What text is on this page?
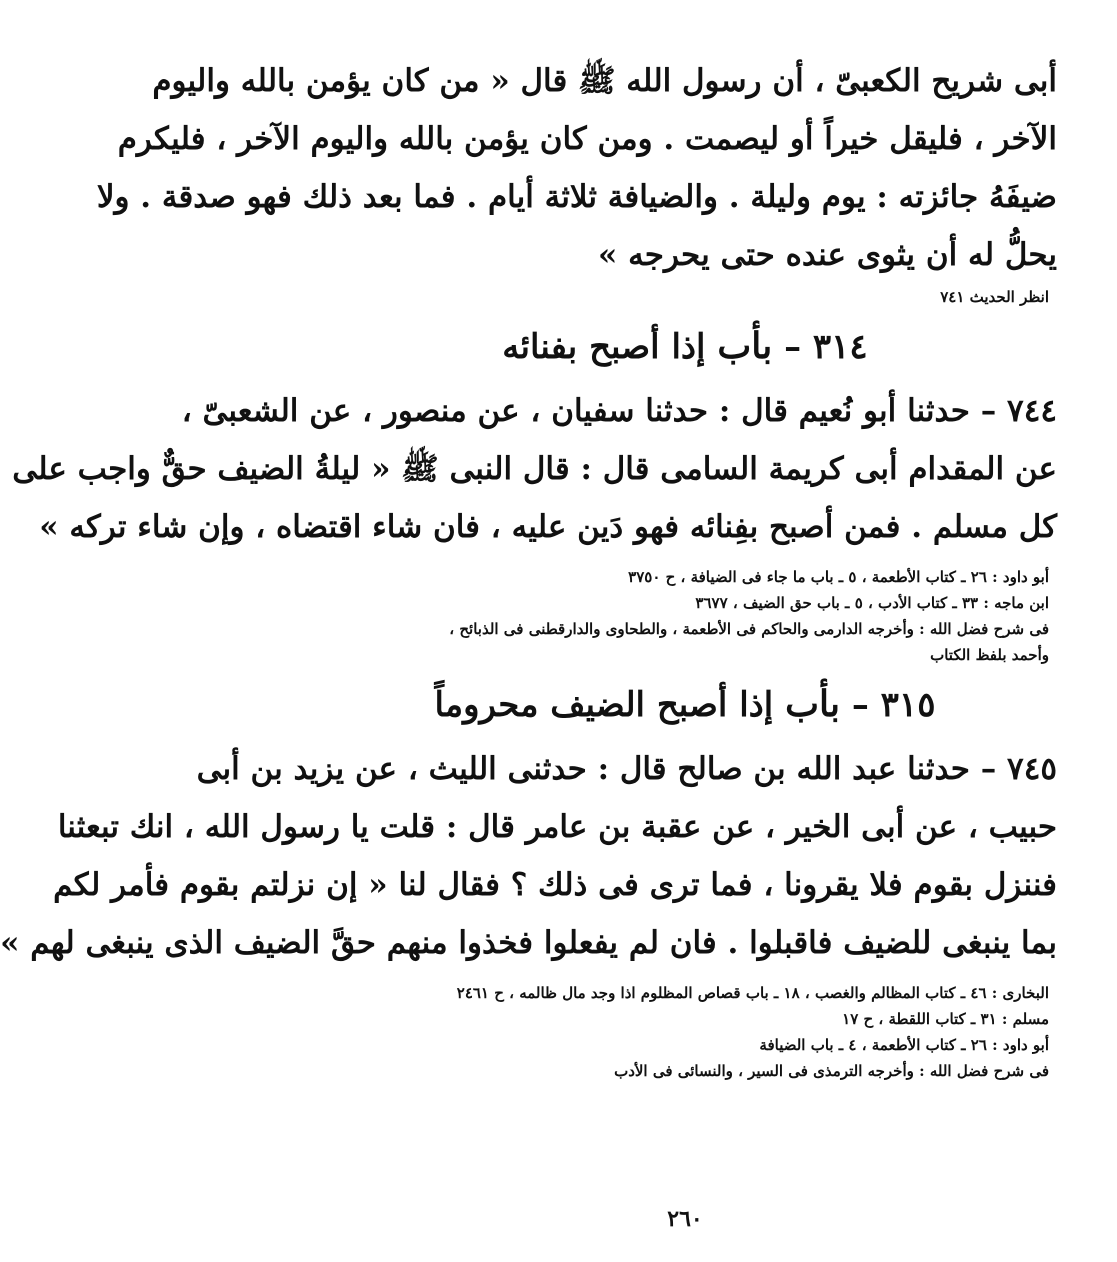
أبى شريح الكعبىّ ، أن رسول الله ﷺ قال « من كان يؤمن بالله واليوم
الآخر ، فليقل خيراً أو ليصمت . ومن كان يؤمن بالله واليوم الآخر ، فليكرم
ضيفَهُ جائزته : يوم وليلة . والضيافة ثلاثة أيام . فما بعد ذلك فهو صدقة . ولا
يحلُّ له أن يثوى عنده حتى يحرجه »
انظر الحديث ٧٤١
٣١٤ – بأب إذا أصبح بفنائه
٧٤٤ – حدثنا أبو نُعيم قال : حدثنا سفيان ، عن منصور ، عن الشعبىّ ،
عن المقدام أبى كريمة السامى قال : قال النبى ﷺ « ليلةُ الضيف حقٌّ واجب على
كل مسلم . فمن أصبح بفِنائه فهو دَين عليه ، فان شاء اقتضاه ، وإن شاء تركه »
أبو داود : ٢٦ ـ كتاب الأطعمة ، ٥ ـ باب ما جاء فى الضيافة ، ح ٣٧٥٠
ابن ماجه : ٣٣ ـ كتاب الأدب ، ٥ ـ باب حق الضيف ، ٣٦٧٧
فى شرح فضل الله : وأخرجه الدارمى والحاكم فى الأطعمة ، والطحاوى والدارقطنى فى الذبائح ،
وأحمد بلفظ الكتاب
٣١٥ – بأب إذا أصبح الضيف محروماً
٧٤٥ – حدثنا عبد الله بن صالح قال : حدثنى الليث ، عن يزيد بن أبى
حبيب ، عن أبى الخير ، عن عقبة بن عامر قال : قلت يا رسول الله ، انك تبعثنا
فننزل بقوم فلا يقرونا ، فما ترى فى ذلك ؟ فقال لنا « إن نزلتم بقوم فأمر لكم
بما ينبغى للضيف فاقبلوا . فان لم يفعلوا فخذوا منهم حقَّ الضيف الذى ينبغى لهم »
البخارى : ٤٦ ـ كتاب المظالم والغصب ، ١٨ ـ باب قصاص المظلوم اذا وجد مال ظالمه ، ح ٢٤٦١
مسلم : ٣١ ـ كتاب اللقطة ، ح ١٧
أبو داود : ٢٦ ـ كتاب الأطعمة ، ٤ ـ باب الضيافة
فى شرح فضل الله : وأخرجه الترمذى فى السير ، والنسائى فى الأدب
٢٦٠
